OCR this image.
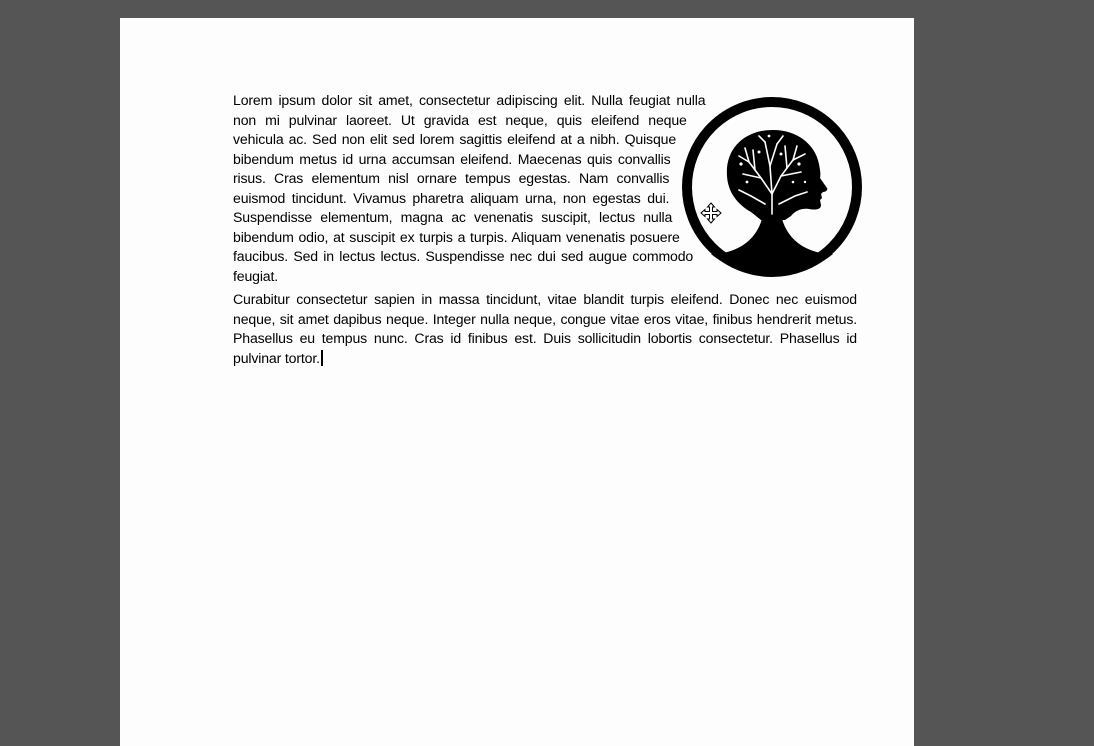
Lorem ipsum dolor sit amet, consectetur adipiscing elit. Nulla feugiat nulla non mi pulvinar laoreet. Ut gravida est neque, quis eleifend neque vehicula ac. Sed non elit sed lorem sagittis eleifend at a nibh. Quisque bibendum metus id urna accumsan eleifend. Maecenas quis convallis risus. Cras elementum nisl ornare tempus egestas. Nam convallis euismod tincidunt. Vivamus pharetra aliquam urna, non egestas dui. Suspendisse elementum, magna ac venenatis suscipit, lectus nulla bibendum odio, at suscipit ex turpis a turpis. Aliquam venenatis posuere faucibus. Sed in lectus lectus. Suspendisse nec dui sed augue commodo feugiat.

Curabitur consectetur sapien in massa tincidunt, vitae blandit turpis eleifend. Donec nec euismod neque, sit amet dapibus neque. Integer nulla neque, congue vitae eros vitae, finibus hendrerit metus. Phasellus eu tempus nunc. Cras id finibus est. Duis sollicitudin lobortis consectetur. Phasellus id pulvinar tortor.
